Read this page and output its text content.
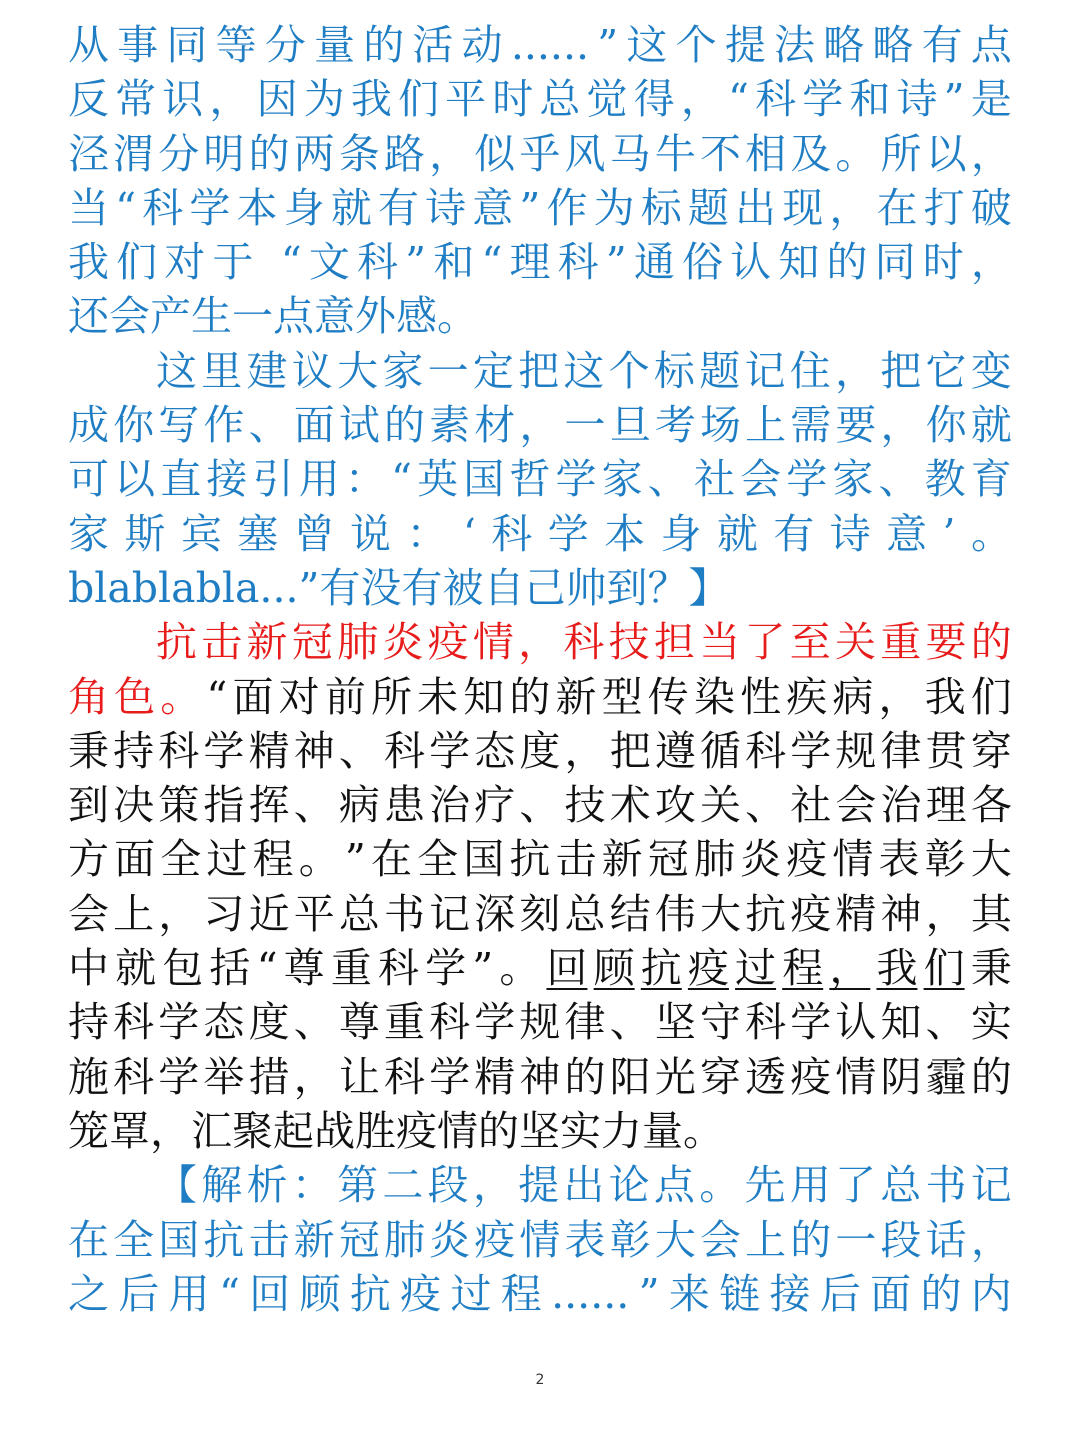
从 事 同 等 分 量 的 活 动 ...... ” 这 个 提 法 略 略 有 点
反 常 识 ， 因 为 我 们 平 时 总 觉 得 ， “ 科 学 和 诗 ” 是
泾 渭 分 明 的 两 条 路 ， 似 乎 风 马 牛 不 相 及 。 所 以 ，
当 “ 科 学 本 身 就 有 诗 意 ” 作 为 标 题 出 现 ， 在 打 破
我 们 对 于
“ 文 科 ” 和 “ 理 科 ” 通 俗 认 知 的 同 时 ，
还 会 产 生 一 点 意 外 感 。
这 里 建 议 大 家 一 定 把 这 个 标 题 记 住 ， 把 它 变
成 你 写 作 、 面 试 的 素 材 ， 一 旦 考 场 上 需 要 ， 你 就
可 以 直 接 引 用 ： “ 英 国 哲 学 家 、 社 会 学 家 、 教 育
家 斯 宾 塞 曾 说 ： ‘ 科 学 本 身 就 有 诗 意 ’ 。
blablabla... ” 有 没 有 被 自 己 帅 到 ？ 】
抗 击 新 冠 肺 炎 疫 情 ， 科 技 担 当 了 至 关 重 要 的
角 色 。 “ 面 对 前 所 未 知 的 新 型 传 染 性 疾 病 ， 我 们
秉 持 科 学 精 神 、 科 学 态 度 ， 把 遵 循 科 学 规 律 贯 穿
到 决 策 指 挥 、 病 患 治 疗 、 技 术 攻 关 、 社 会 治 理 各
方 面 全 过 程 。 ” 在 全 国 抗 击 新 冠 肺 炎 疫 情 表 彰 大
会 上 ， 习 近 平 总 书 记 深 刻 总 结 伟 大 抗 疫 精 神 ， 其
中 就 包 括 “ 尊 重 科 学 ” 。 回 顾 抗 疫 过 程 ， 我 们 秉
持 科 学 态 度 、 尊 重 科 学 规 律 、 坚 守 科 学 认 知 、 实
施 科 学 举 措 ， 让 科 学 精 神 的 阳 光 穿 透 疫 情 阴 霾 的
笼 罩 ， 汇 聚 起 战 胜 疫 情 的 坚 实 力 量 。
【 解 析 ： 第 二 段 ， 提 出 论 点 。 先 用 了 总 书 记
在 全 国 抗 击 新 冠 肺 炎 疫 情 表 彰 大 会 上 的 一 段 话 ，
之 后 用 “ 回 顾 抗 疫 过 程 ...... ” 来 链 接 后 面 的 内
2
